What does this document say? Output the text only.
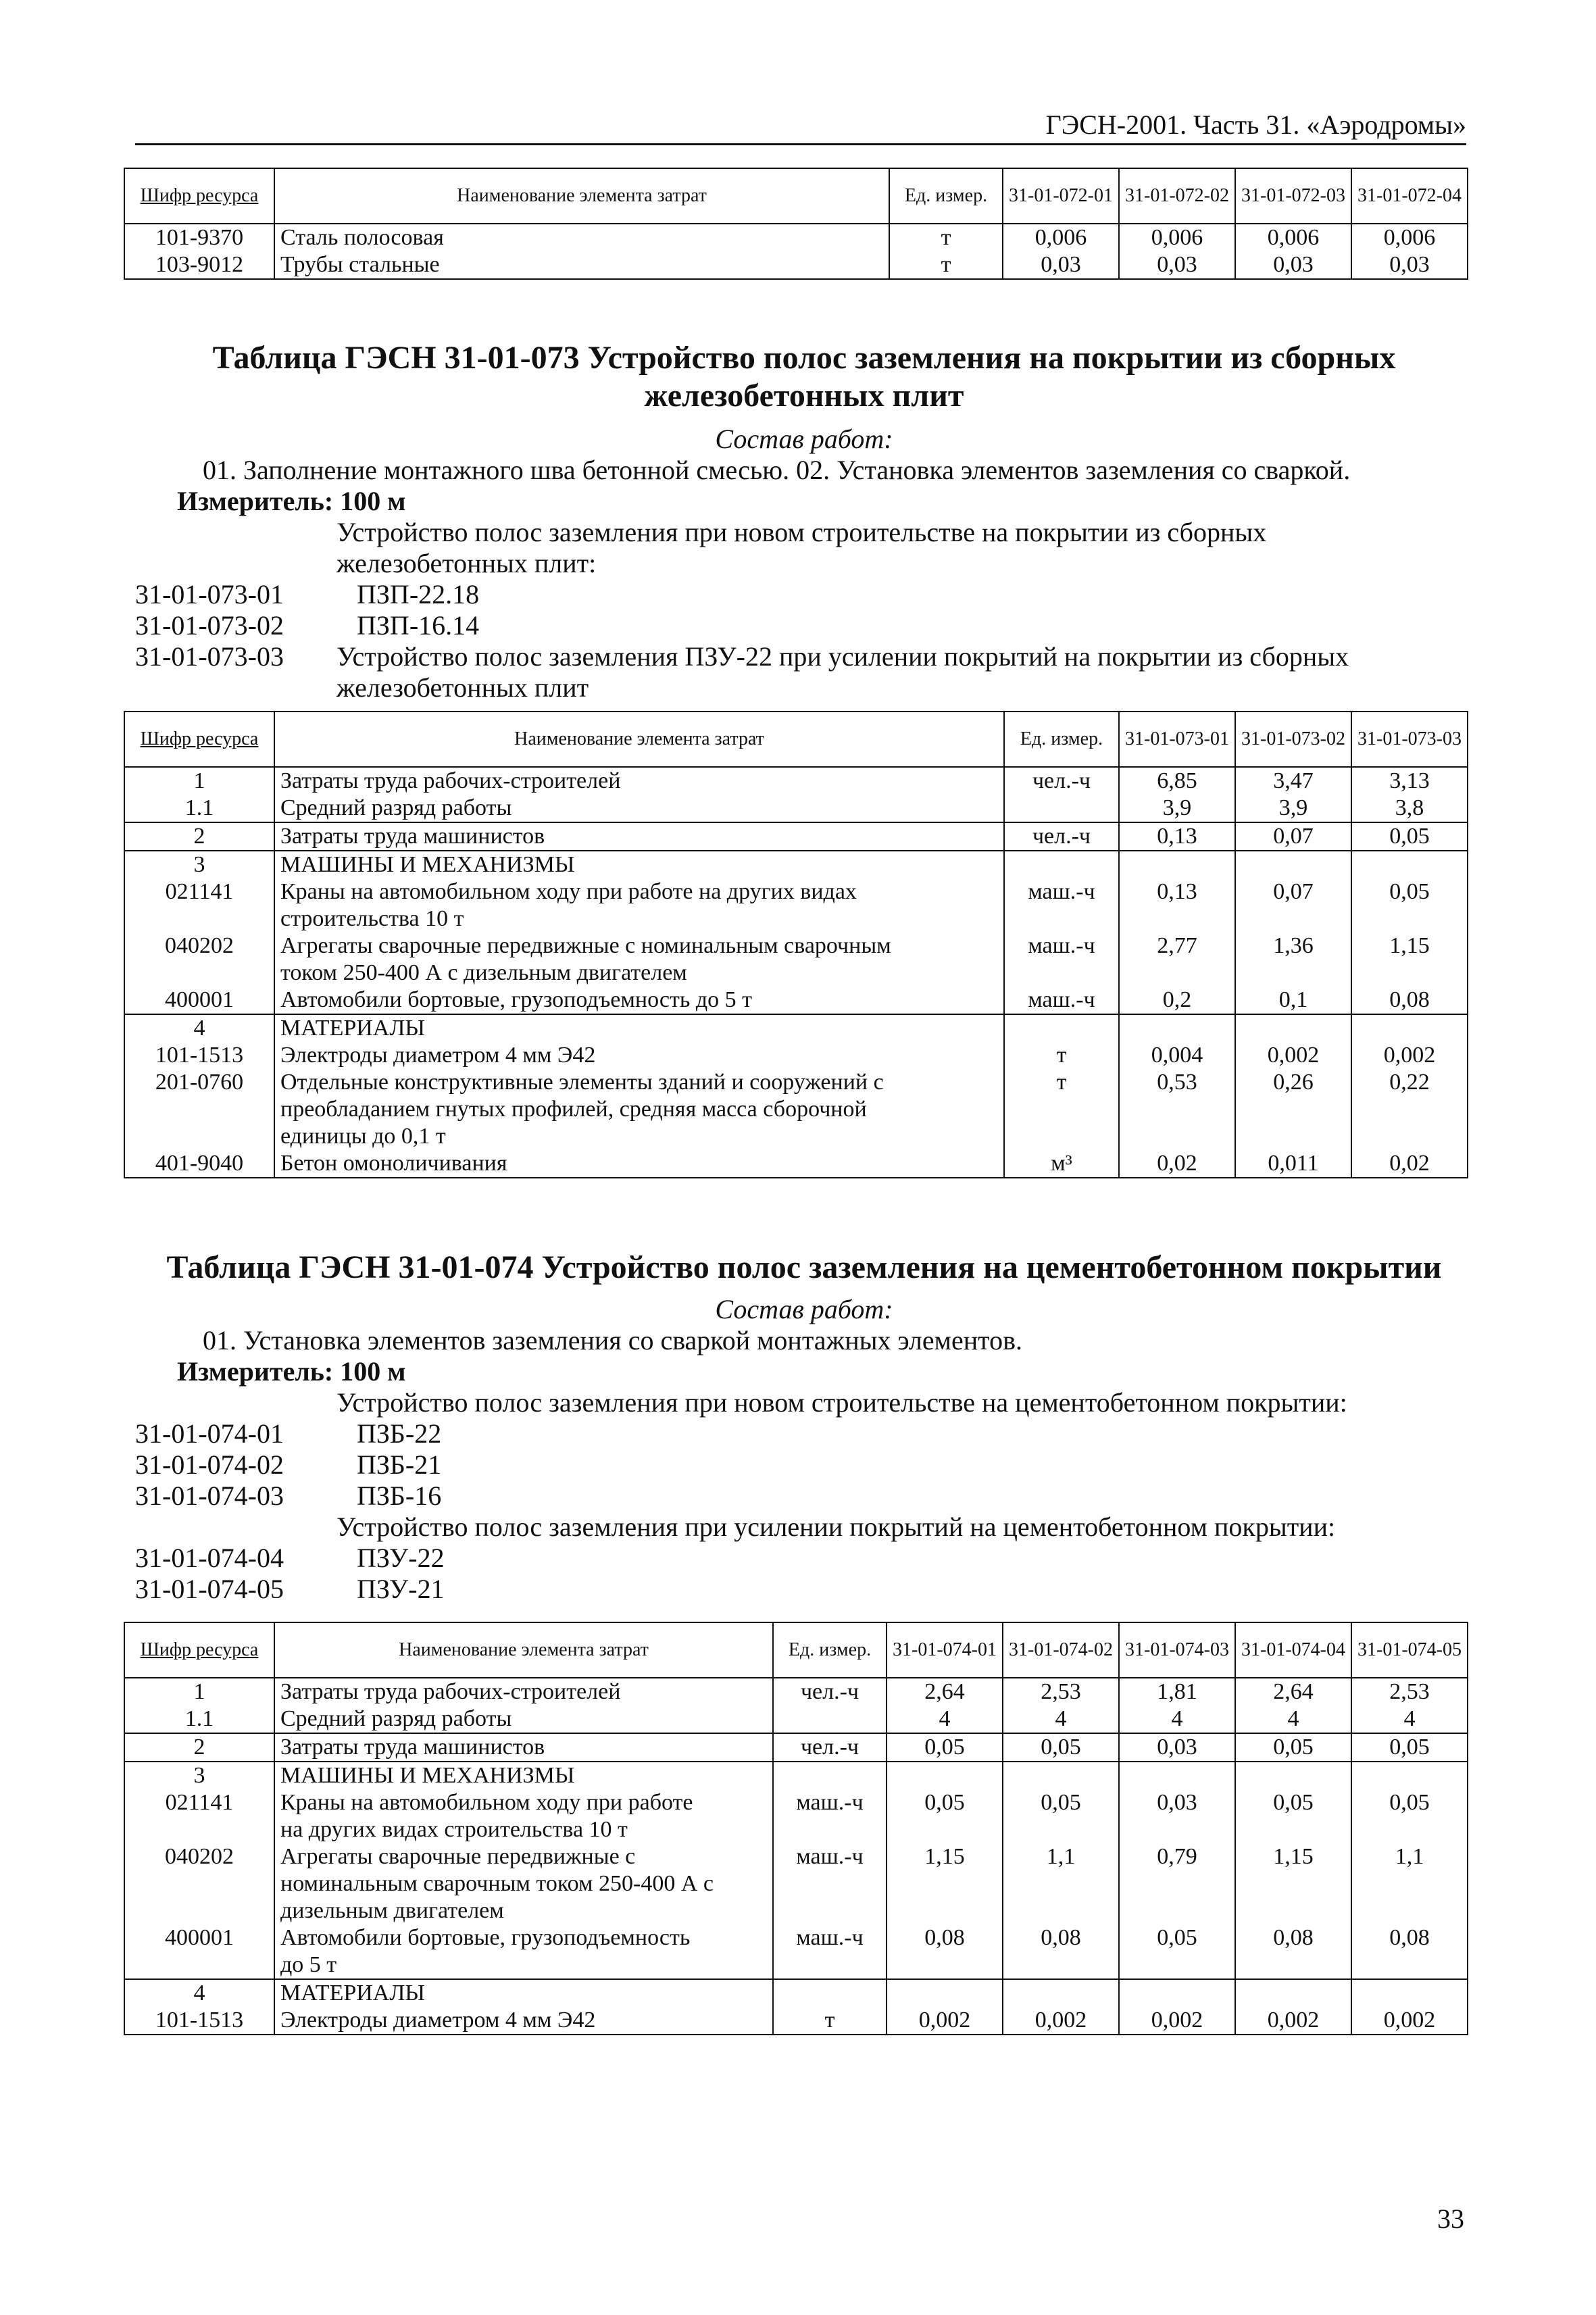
ГЭСН-2001. Часть 31. «Аэродромы»
Шифр ресурса	Наименование элемента затрат	Ед. измер.	31-01-072-01	31-01-072-02	31-01-072-03	31-01-072-04
101-9370	Сталь полосовая	т	0,006	0,006	0,006	0,006
103-9012	Трубы стальные	т	0,03	0,03	0,03	0,03
Таблица ГЭСН 31-01-073 Устройство полос заземления на покрытии из сборных
железобетонных плит
Состав работ:
01. Заполнение монтажного шва бетонной смесью. 02. Установка элементов заземления со сваркой.
Измеритель: 100 м
Устройство полос заземления при новом строительстве на покрытии из сборных
железобетонных плит:
31-01-073-01	ПЗП-22.18
31-01-073-02	ПЗП-16.14
31-01-073-03 Устройство полос заземления ПЗУ-22 при усилении покрытий на покрытии из сборных
железобетонных плит
Шифр ресурса	Наименование элемента затрат	Ед. измер.	31-01-073-01	31-01-073-02	31-01-073-03
1	Затраты труда рабочих-строителей	чел.-ч	6,85	3,47	3,13
1.1	Средний разряд работы		3,9	3,9	3,8
2	Затраты труда машинистов	чел.-ч	0,13	0,07	0,05
3	МАШИНЫ И МЕХАНИЗМЫ				
021141	Краны на автомобильном ходу при работе на других видах
строительства 10 т	маш.-ч	0,13	0,07	0,05
040202	Агрегаты сварочные передвижные с номинальным сварочным
током 250-400 А с дизельным двигателем	маш.-ч	2,77	1,36	1,15
400001	Автомобили бортовые, грузоподъемность до 5 т	маш.-ч	0,2	0,1	0,08
4	МАТЕРИАЛЫ				
101-1513	Электроды диаметром 4 мм Э42	т	0,004	0,002	0,002
201-0760	Отдельные конструктивные элементы зданий и сооружений с
преобладанием гнутых профилей, средняя масса сборочной
единицы до 0,1 т	т	0,53	0,26	0,22
401-9040	Бетон омоноличивания	м³	0,02	0,011	0,02
Таблица ГЭСН 31-01-074 Устройство полос заземления на цементобетонном покрытии
Состав работ:
01. Установка элементов заземления со сваркой монтажных элементов.
Измеритель: 100 м
Устройство полос заземления при новом строительстве на цементобетонном покрытии:
31-01-074-01	ПЗБ-22
31-01-074-02	ПЗБ-21
31-01-074-03	ПЗБ-16
Устройство полос заземления при усилении покрытий на цементобетонном покрытии:
31-01-074-04	ПЗУ-22
31-01-074-05	ПЗУ-21
Шифр ресурса	Наименование элемента затрат	Ед. измер.	31-01-074-01	31-01-074-02	31-01-074-03	31-01-074-04	31-01-074-05
1	Затраты труда рабочих-строителей	чел.-ч	2,64	2,53	1,81	2,64	2,53
1.1	Средний разряд работы		4	4	4	4	4
2	Затраты труда машинистов	чел.-ч	0,05	0,05	0,03	0,05	0,05
3	МАШИНЫ И МЕХАНИЗМЫ						
021141	Краны на автомобильном ходу при работе
на других видах строительства 10 т	маш.-ч	0,05	0,05	0,03	0,05	0,05
040202	Агрегаты сварочные передвижные с
номинальным сварочным током 250-400 А с
дизельным двигателем	маш.-ч	1,15	1,1	0,79	1,15	1,1
400001	Автомобили бортовые, грузоподъемность
до 5 т	маш.-ч	0,08	0,08	0,05	0,08	0,08
4	МАТЕРИАЛЫ						
101-1513	Электроды диаметром 4 мм Э42	т	0,002	0,002	0,002	0,002	0,002
33
